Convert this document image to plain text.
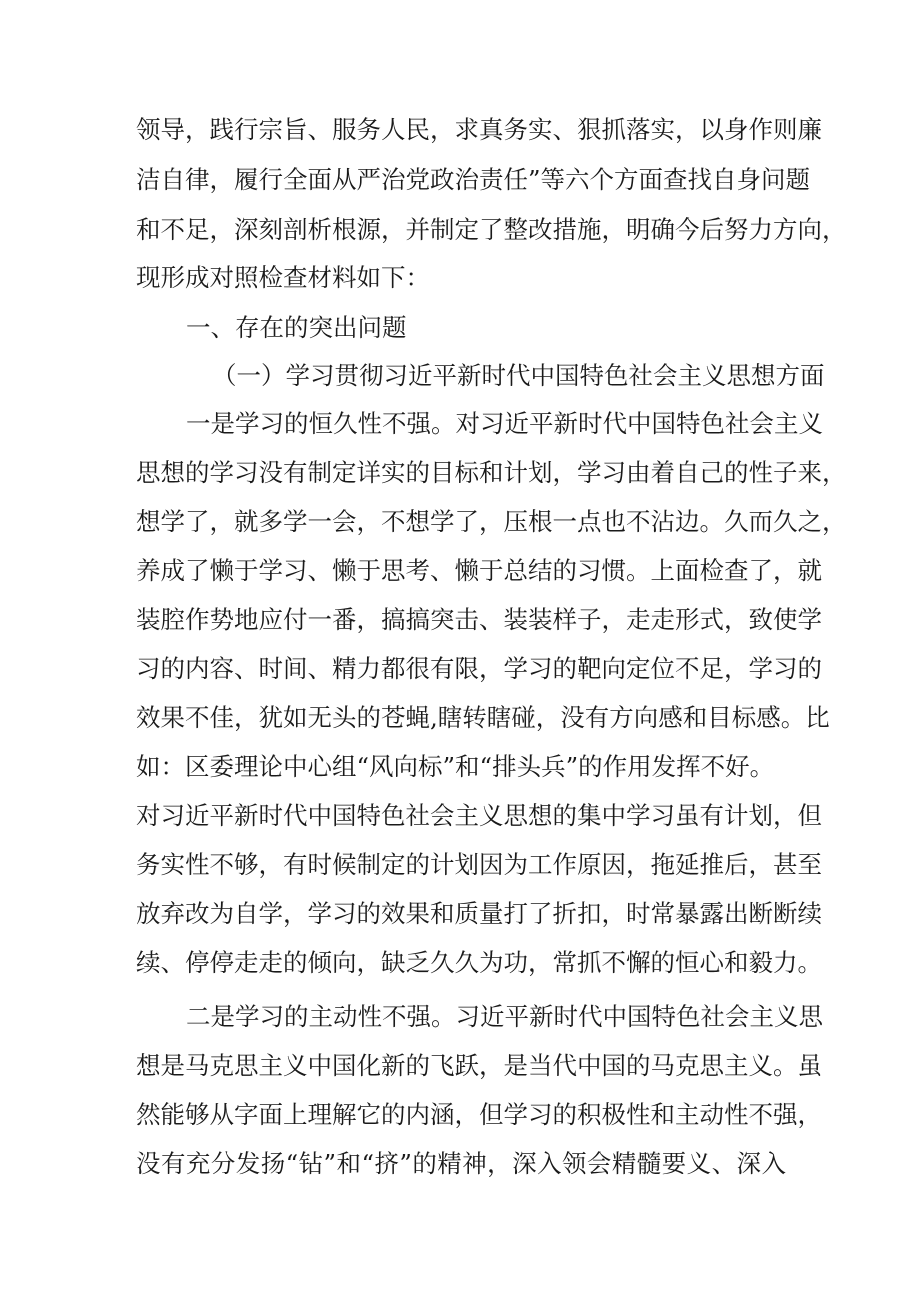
领导，践行宗旨、服务人民，求真务实、狠抓落实，以身作则廉
洁自律，履行全面从严治党政治责任”等六个方面查找自身问题
和不足，深刻剖析根源，并制定了整改措施，明确今后努力方向，
现形成对照检查材料如下：
一、存在的突出问题
（一）学习贯彻习近平新时代中国特色社会主义思想方面
一是学习的恒久性不强。对习近平新时代中国特色社会主义
思想的学习没有制定详实的目标和计划，学习由着自己的性子来，
想学了，就多学一会，不想学了，压根一点也不沾边。久而久之，
养成了懒于学习、懒于思考、懒于总结的习惯。上面检查了，就
装腔作势地应付一番，搞搞突击、装装样子，走走形式，致使学
习的内容、时间、精力都很有限，学习的靶向定位不足，学习的
效果不佳，犹如无头的苍蝇,瞎转瞎碰，没有方向感和目标感。比
如：区委理论中心组“风向标”和“排头兵”的作用发挥不好。
对习近平新时代中国特色社会主义思想的集中学习虽有计划，但
务实性不够，有时候制定的计划因为工作原因，拖延推后，甚至
放弃改为自学，学习的效果和质量打了折扣，时常暴露出断断续
续、停停走走的倾向，缺乏久久为功，常抓不懈的恒心和毅力。
二是学习的主动性不强。习近平新时代中国特色社会主义思
想是马克思主义中国化新的飞跃，是当代中国的马克思主义。虽
然能够从字面上理解它的内涵，但学习的积极性和主动性不强，
没有充分发扬“钻”和“挤”的精神，深入领会精髓要义、深入
